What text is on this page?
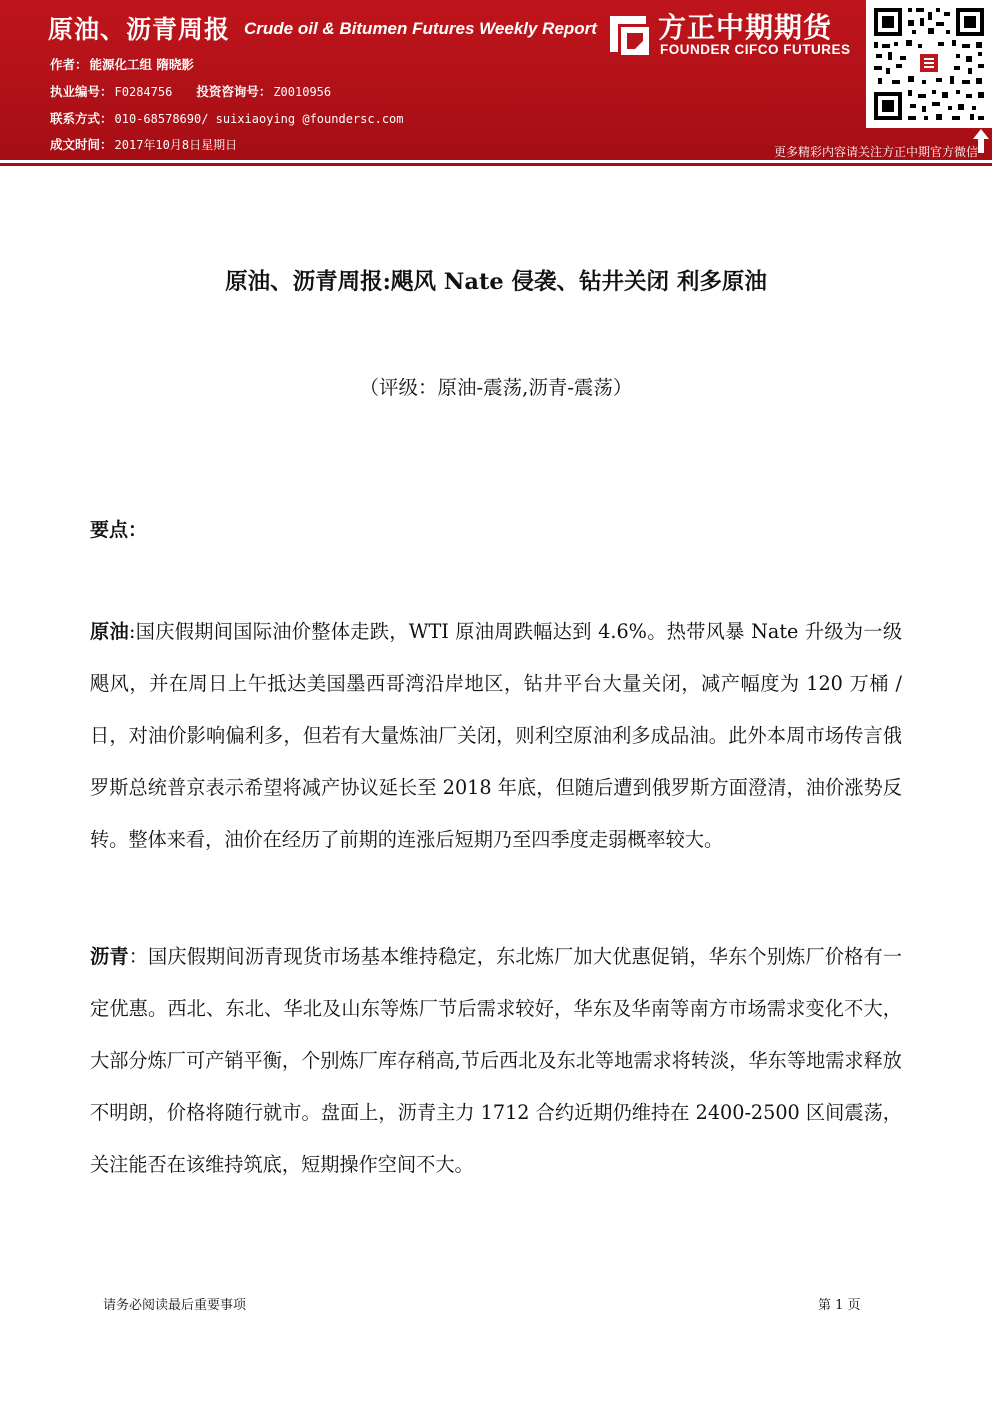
原油、沥青周报 Crude oil & Bitumen Futures Weekly Report
作者： 能源化工组 隋晓影
执业编号： F0284756 投资咨询号： Z0010956
联系方式： 010-68578690/ suixiaoying @foundersc.com
成文时间： 2017年10月8日星期日
方正中期期货
FOUNDER CIFCO FUTURES
更多精彩内容请关注方正中期官方微信
原油、沥青周报:飓风 Nate 侵袭、钻井关闭 利多原油
（评级：原油-震荡,沥青-震荡）
要点：
原油:国庆假期间国际油价整体走跌，WTI 原油周跌幅达到 4.6%。热带风暴 Nate 升级为一级飓风，并在周日上午抵达美国墨西哥湾沿岸地区，钻井平台大量关闭，减产幅度为 120 万桶 / 日，对油价影响偏利多，但若有大量炼油厂关闭，则利空原油利多成品油。此外本周市场传言俄罗斯总统普京表示希望将减产协议延长至 2018 年底，但随后遭到俄罗斯方面澄清，油价涨势反转。整体来看，油价在经历了前期的连涨后短期乃至四季度走弱概率较大。
沥青：国庆假期间沥青现货市场基本维持稳定，东北炼厂加大优惠促销，华东个别炼厂价格有一定优惠。西北、东北、华北及山东等炼厂节后需求较好，华东及华南等南方市场需求变化不大，大部分炼厂可产销平衡，个别炼厂库存稍高,节后西北及东北等地需求将转淡，华东等地需求释放不明朗，价格将随行就市。盘面上，沥青主力 1712 合约近期仍维持在 2400-2500 区间震荡，关注能否在该维持筑底，短期操作空间不大。
请务必阅读最后重要事项	第 1 页
